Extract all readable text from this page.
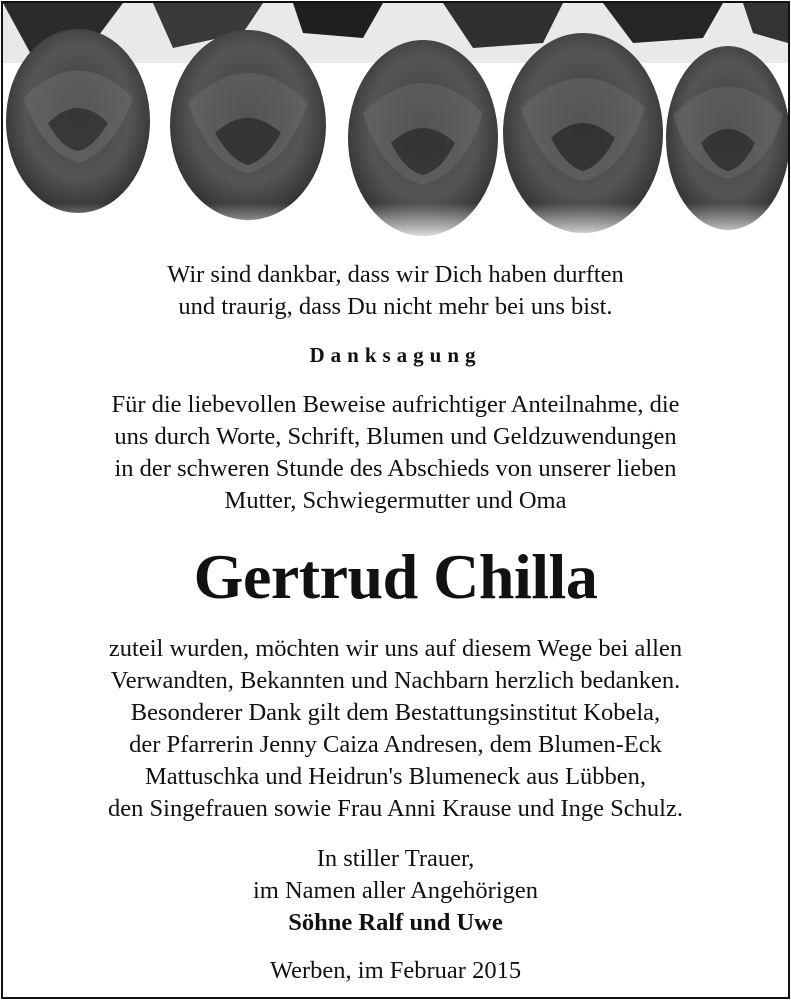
Wir sind dankbar, dass wir Dich haben durften
und traurig, dass Du nicht mehr bei uns bist.
Danksagung
Für die liebevollen Beweise aufrichtiger Anteilnahme, die
uns durch Worte, Schrift, Blumen und Geldzuwendungen
in der schweren Stunde des Abschieds von unserer lieben
Mutter, Schwiegermutter und Oma
Gertrud Chilla
zuteil wurden, möchten wir uns auf diesem Wege bei allen
Verwandten, Bekannten und Nachbarn herzlich bedanken.
Besonderer Dank gilt dem Bestattungsinstitut Kobela,
der Pfarrerin Jenny Caiza Andresen, dem Blumen-Eck
Mattuschka und Heidrun's Blumeneck aus Lübben,
den Singefrauen sowie Frau Anni Krause und Inge Schulz.
In stiller Trauer,
im Namen aller Angehörigen
Söhne Ralf und Uwe
Werben, im Februar 2015
